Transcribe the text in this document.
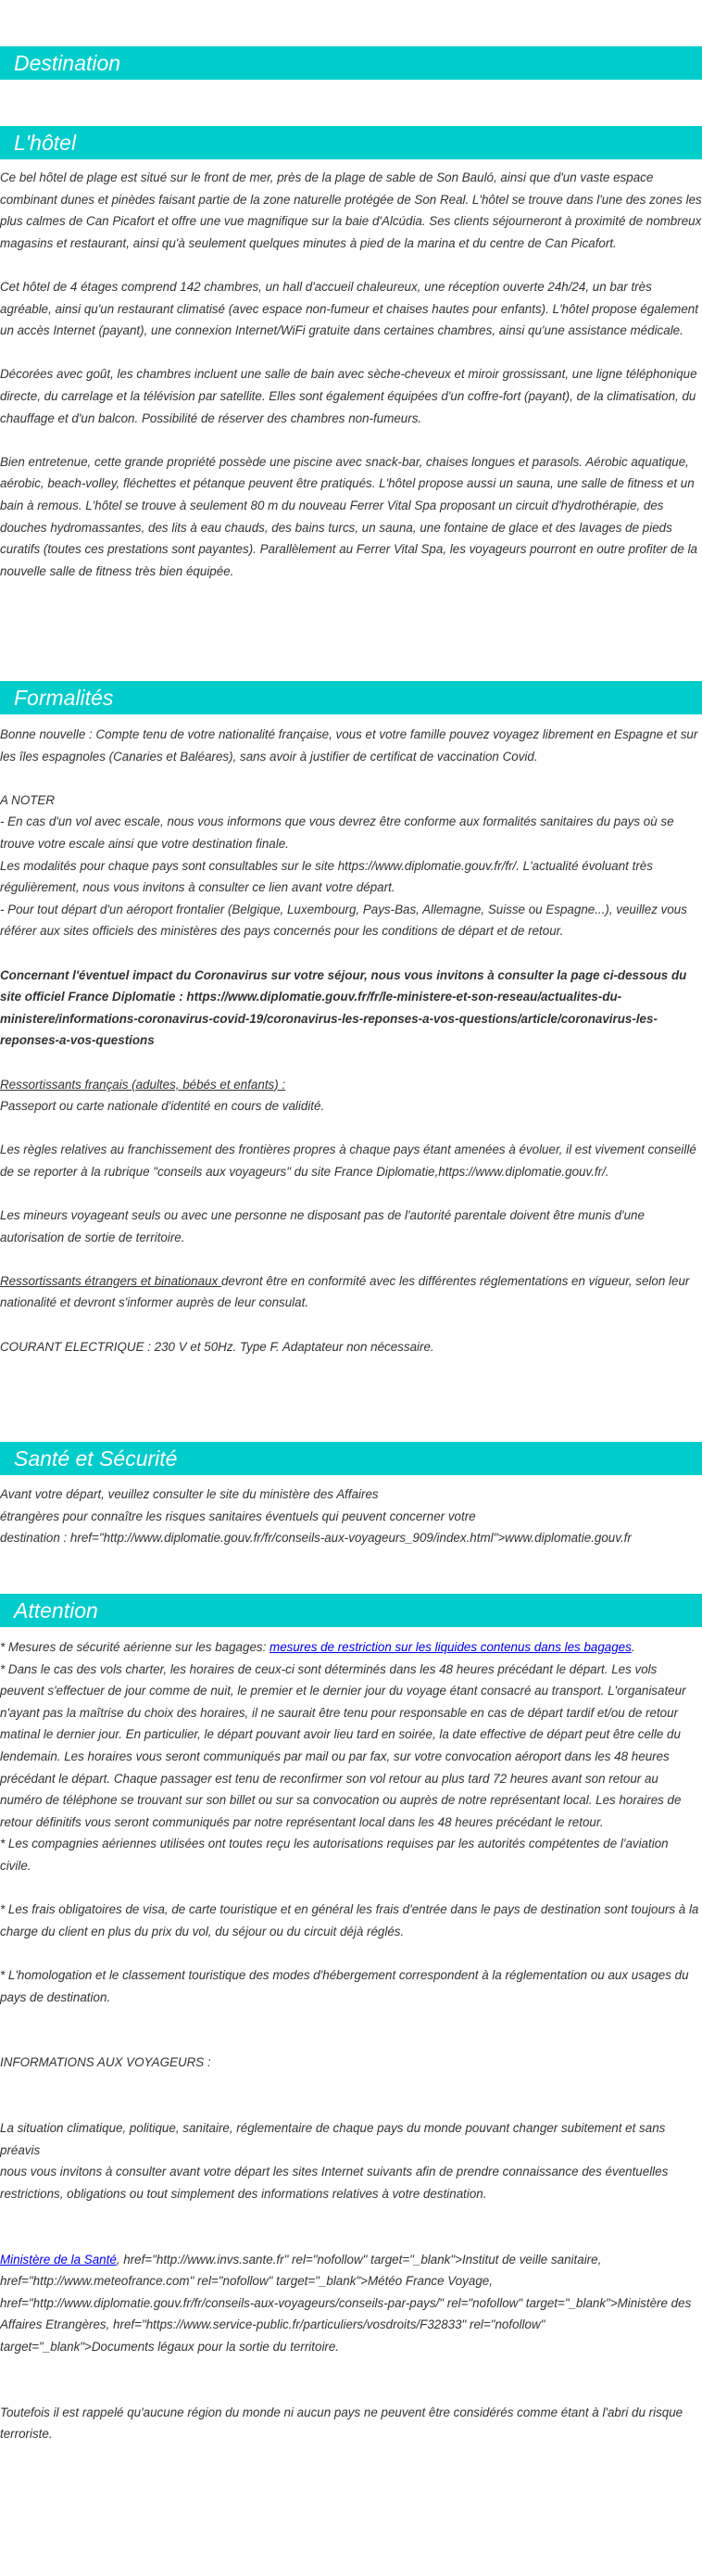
Destination
L'hôtel

Ce bel hôtel de plage est situé sur le front de mer, près de la plage de sable de Son Bauló, ainsi que d'un vaste espace combinant dunes et pinèdes faisant partie de la zone naturelle protégée de Son Real. L'hôtel se trouve dans l'une des zones les plus calmes de Can Picafort et offre une vue magnifique sur la baie d'Alcúdia. Ses clients séjourneront à proximité de nombreux magasins et restaurant, ainsi qu'à seulement quelques minutes à pied de la marina et du centre de Can Picafort.

Cet hôtel de 4 étages comprend 142 chambres, un hall d'accueil chaleureux, une réception ouverte 24h/24, un bar très agréable, ainsi qu'un restaurant climatisé (avec espace non-fumeur et chaises hautes pour enfants). L'hôtel propose également un accès Internet (payant), une connexion Internet/WiFi gratuite dans certaines chambres, ainsi qu'une assistance médicale.

Décorées avec goût, les chambres incluent une salle de bain avec sèche-cheveux et miroir grossissant, une ligne téléphonique directe, du carrelage et la télévision par satellite. Elles sont également équipées d'un coffre-fort (payant), de la climatisation, du chauffage et d'un balcon. Possibilité de réserver des chambres non-fumeurs.

Bien entretenue, cette grande propriété possède une piscine avec snack-bar, chaises longues et parasols. Aérobic aquatique, aérobic, beach-volley, fléchettes et pétanque peuvent être pratiqués. L'hôtel propose aussi un sauna, une salle de fitness et un bain à remous. L'hôtel se trouve à seulement 80 m du nouveau Ferrer Vital Spa proposant un circuit d'hydrothérapie, des douches hydromassantes, des lits à eau chauds, des bains turcs, un sauna, une fontaine de glace et des lavages de pieds curatifs (toutes ces prestations sont payantes). Parallèlement au Ferrer Vital Spa, les voyageurs pourront en outre profiter de la nouvelle salle de fitness très bien équipée.

Formalités

Bonne nouvelle : Compte tenu de votre nationalité française, vous et votre famille pouvez voyagez librement en Espagne et sur les îles espagnoles (Canaries et Baléares), sans avoir à justifier de certificat de vaccination Covid.

A NOTER

- En cas d'un vol avec escale, nous vous informons que vous devrez être conforme aux formalités sanitaires du pays où se trouve votre escale ainsi que votre destination finale.

Les modalités pour chaque pays sont consultables sur le site https://www.diplomatie.gouv.fr/fr/. L'actualité évoluant très régulièrement, nous vous invitons à consulter ce lien avant votre départ.

- Pour tout départ d'un aéroport frontalier (Belgique, Luxembourg, Pays-Bas, Allemagne, Suisse ou Espagne...), veuillez vous référer aux sites officiels des ministères des pays concernés pour les conditions de départ et de retour.

Concernant l'éventuel impact du Coronavirus sur votre séjour, nous vous invitons à consulter la page ci-dessous du site officiel France Diplomatie : https://www.diplomatie.gouv.fr/fr/le-ministere-et-son-reseau/actualites-du-ministere/informations-coronavirus-covid-19/coronavirus-les-reponses-a-vos-questions/article/coronavirus-les-reponses-a-vos-questions

Ressortissants français (adultes, bébés et enfants) :

Passeport ou carte nationale d'identité en cours de validité.

Les règles relatives au franchissement des frontières propres à chaque pays étant amenées à évoluer, il est vivement conseillé de se reporter à la rubrique "conseils aux voyageurs" du site France Diplomatie,https://www.diplomatie.gouv.fr/.

Les mineurs voyageant seuls ou avec une personne ne disposant pas de l'autorité parentale doivent être munis d'une autorisation de sortie de territoire.

Ressortissants étrangers et binationaux devront être en conformité avec les différentes réglementations en vigueur, selon leur nationalité et devront s'informer auprès de leur consulat.

COURANT ELECTRIQUE : 230 V et 50Hz. Type F. Adaptateur non nécessaire.

Santé et Sécurité

Avant votre départ, veuillez consulter le site du ministère des Affaires

étrangères pour connaître les risques sanitaires éventuels qui peuvent concerner votre

destination : href="http://www.diplomatie.gouv.fr/fr/conseils-aux-voyageurs_909/index.html">www.diplomatie.gouv.fr

Attention

* Mesures de sécurité aérienne sur les bagages: mesures de restriction sur les liquides contenus dans les bagages.

* Dans le cas des vols charter, les horaires de ceux-ci sont déterminés dans les 48 heures précédant le départ. Les vols peuvent s'effectuer de jour comme de nuit, le premier et le dernier jour du voyage étant consacré au transport. L'organisateur n'ayant pas la maîtrise du choix des horaires, il ne saurait être tenu pour responsable en cas de départ tardif et/ou de retour matinal le dernier jour. En particulier, le départ pouvant avoir lieu tard en soirée, la date effective de départ peut être celle du lendemain. Les horaires vous seront communiqués par mail ou par fax, sur votre convocation aéroport dans les 48 heures précédant le départ. Chaque passager est tenu de reconfirmer son vol retour au plus tard 72 heures avant son retour au numéro de téléphone se trouvant sur son billet ou sur sa convocation ou auprès de notre représentant local. Les horaires de retour définitifs vous seront communiqués par notre représentant local dans les 48 heures précédant le retour.

* Les compagnies aériennes utilisées ont toutes reçu les autorisations requises par les autorités compétentes de l'aviation civile.

* Les frais obligatoires de visa, de carte touristique et en général les frais d'entrée dans le pays de destination sont toujours à la charge du client en plus du prix du vol, du séjour ou du circuit déjà réglés.

* L'homologation et le classement touristique des modes d'hébergement correspondent à la réglementation ou aux usages du pays de destination.

INFORMATIONS AUX VOYAGEURS :

La situation climatique, politique, sanitaire, réglementaire de chaque pays du monde pouvant changer subitement et sans préavis

nous vous invitons à consulter avant votre départ les sites Internet suivants afin de prendre connaissance des éventuelles restrictions, obligations ou tout simplement des informations relatives à votre destination.

Ministère de la Santé, href="http://www.invs.sante.fr" rel="nofollow" target="_blank">Institut de veille sanitaire, href="http://www.meteofrance.com" rel="nofollow" target="_blank">Météo France Voyage, href="http://www.diplomatie.gouv.fr/fr/conseils-aux-voyageurs/conseils-par-pays/" rel="nofollow" target="_blank">Ministère des Affaires Etrangères, href="https://www.service-public.fr/particuliers/vosdroits/F32833" rel="nofollow" target="_blank">Documents légaux pour la sortie du territoire.

Toutefois il est rappelé qu'aucune région du monde ni aucun pays ne peuvent être considérés comme étant à l'abri du risque terroriste.
